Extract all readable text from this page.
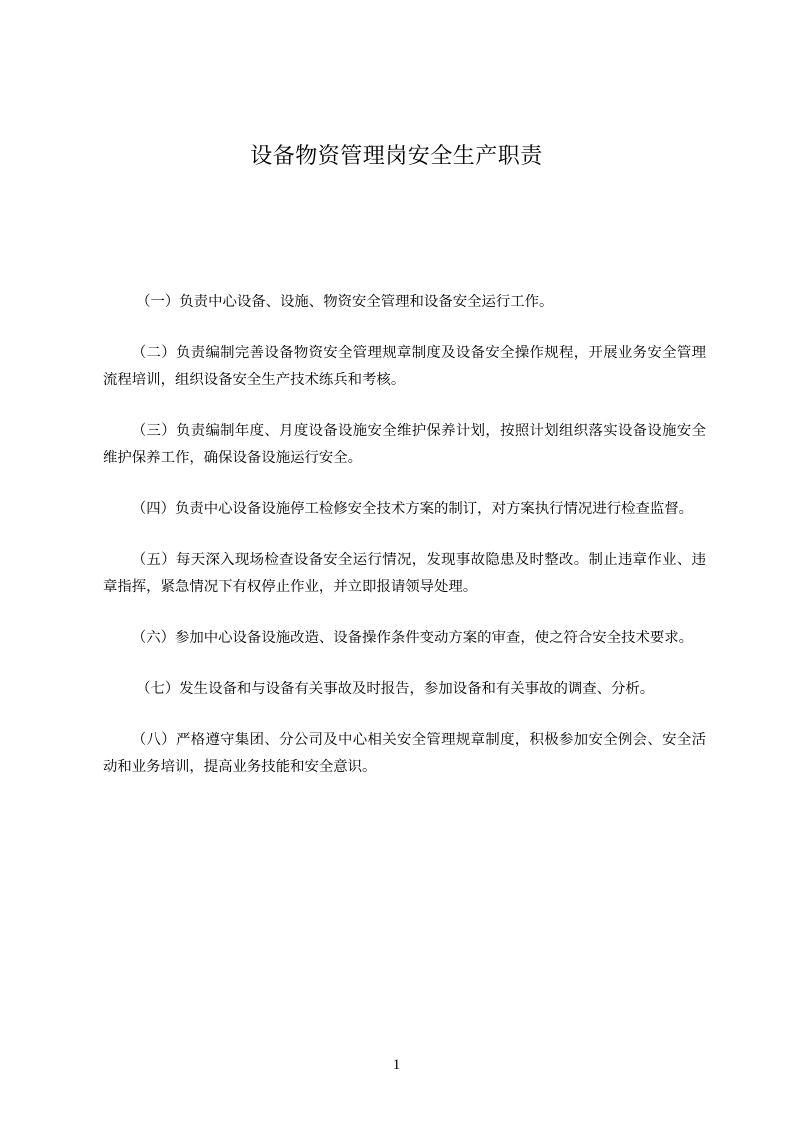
设备物资管理岗安全生产职责

（一）负责中心设备、设施、物资安全管理和设备安全运行工作。

（二）负责编制完善设备物资安全管理规章制度及设备安全操作规程，开展业务安全管理流程培训，组织设备安全生产技术练兵和考核。

（三）负责编制年度、月度设备设施安全维护保养计划，按照计划组织落实设备设施安全维护保养工作，确保设备设施运行安全。

（四）负责中心设备设施停工检修安全技术方案的制订，对方案执行情况进行检查监督。

（五）每天深入现场检查设备安全运行情况，发现事故隐患及时整改。制止违章作业、违章指挥，紧急情况下有权停止作业，并立即报请领导处理。

（六）参加中心设备设施改造、设备操作条件变动方案的审查，使之符合安全技术要求。

（七）发生设备和与设备有关事故及时报告，参加设备和有关事故的调查、分析。

（八）严格遵守集团、分公司及中心相关安全管理规章制度，积极参加安全例会、安全活动和业务培训，提高业务技能和安全意识。

1
